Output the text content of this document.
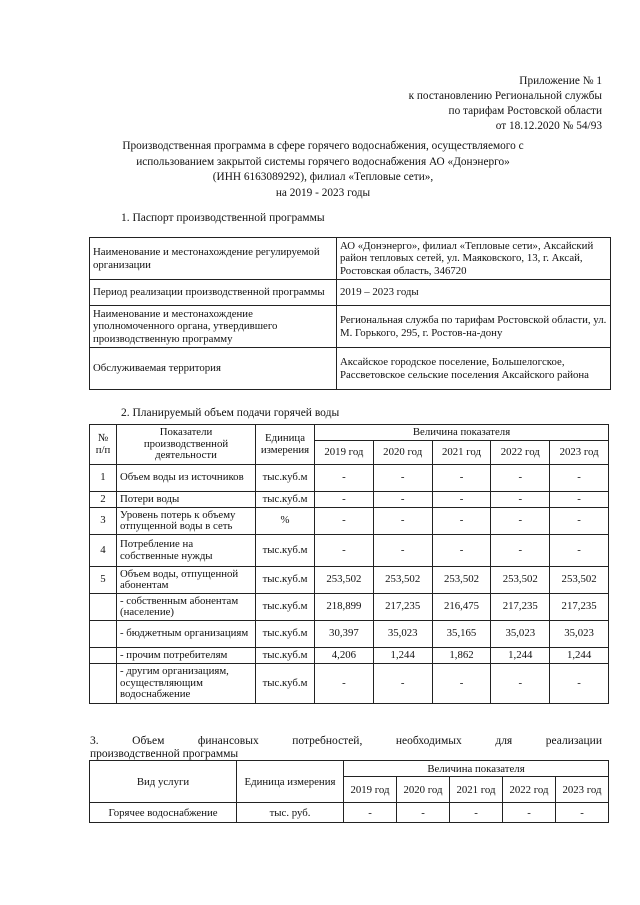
Приложение № 1
к постановлению Региональной службы
по тарифам Ростовской области
от 18.12.2020 № 54/93
Производственная программа в сфере горячего водоснабжения, осуществляемого с
использованием закрытой системы горячего водоснабжения АО «Донэнерго»
(ИНН 6163089292), филиал «Тепловые сети»,
на 2019 - 2023 годы
1. Паспорт производственной программы
Наименование и местонахождение регулируемой организации	АО «Донэнерго», филиал «Тепловые сети», Аксайский район тепловых сетей, ул. Маяковского, 13, г. Аксай, Ростовская область, 346720
Период реализации производственной программы	2019 – 2023 годы
Наименование и местонахождение уполномоченного органа, утвердившего производственную программу	Региональная служба по тарифам Ростовской области, ул. М. Горького, 295, г. Ростов-на-дону
Обслуживаемая территория	Аксайское городское поселение, Большелогское, Рассветовское сельские поселения Аксайского района
2. Планируемый объем подачи горячей воды
№ п/п	Показатели производственной деятельности	Единица измерения	Величина показателя				
			2019 год	2020 год	2021 год	2022 год	2023 год
1	Объем воды из источников	тыс.куб.м	-	-	-	-	-
2	Потери воды	тыс.куб.м	-	-	-	-	-
3	Уровень потерь к объему отпущенной воды в сеть	%	-	-	-	-	-
4	Потребление на собственные нужды	тыс.куб.м	-	-	-	-	-
5	Объем воды, отпущенной абонентам	тыс.куб.м	253,502	253,502	253,502	253,502	253,502
	- собственным абонентам (население)	тыс.куб.м	218,899	217,235	216,475	217,235	217,235
	- бюджетным организациям	тыс.куб.м	30,397	35,023	35,165	35,023	35,023
	- прочим потребителям	тыс.куб.м	4,206	1,244	1,862	1,244	1,244
	- другим организациям, осуществляющим водоснабжение	тыс.куб.м	-	-	-	-	-
3.	Объем	финансовых	потребностей,	необходимых	для	реализации
производственной программы
Вид услуги	Единица измерения	Величина показателя				
		2019 год	2020 год	2021 год	2022 год	2023 год
Горячее водоснабжение	тыс. руб.	-	-	-	-	-
